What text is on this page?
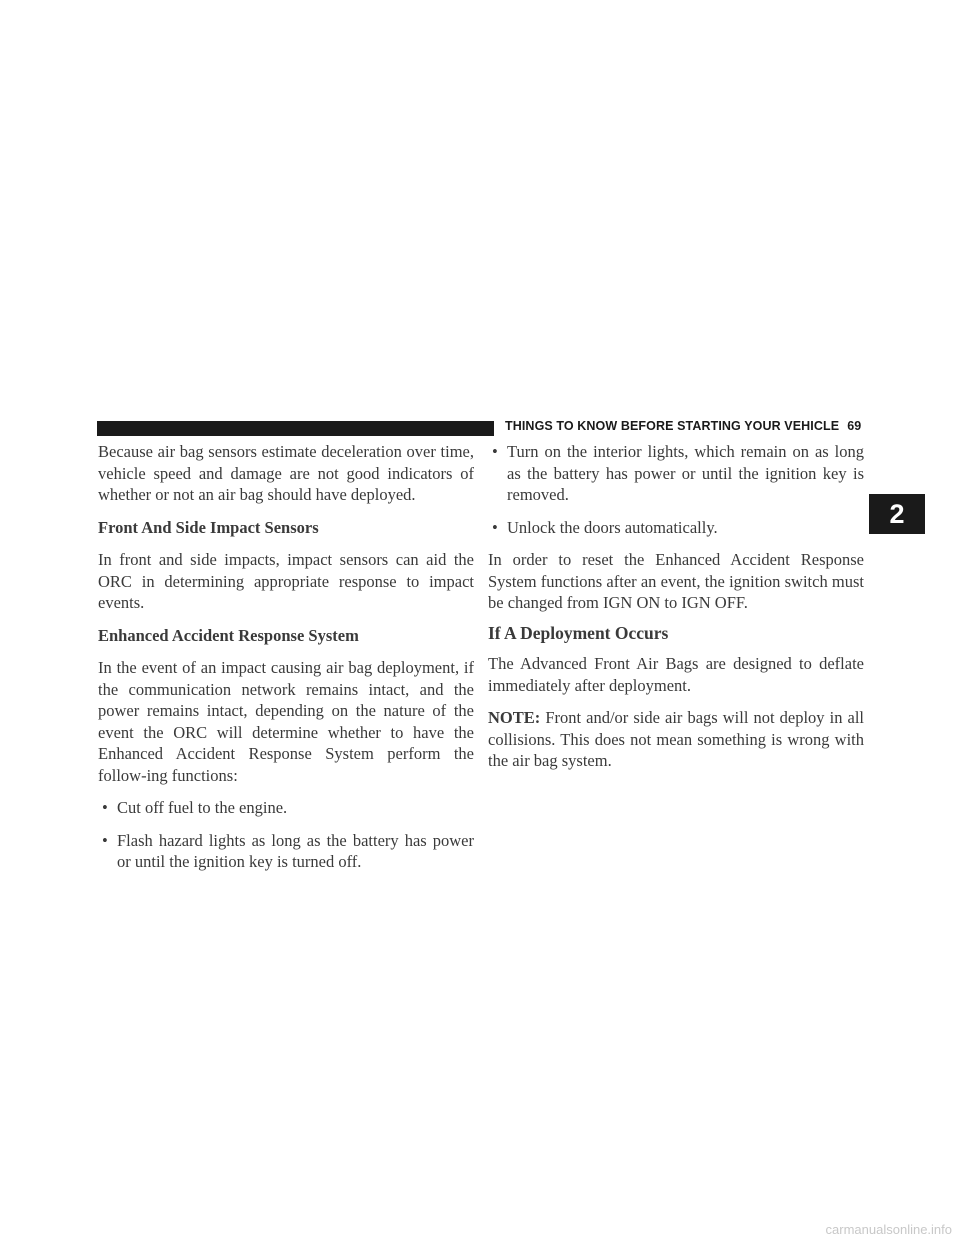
THINGS TO KNOW BEFORE STARTING YOUR VEHICLE 69
2

Because air bag sensors estimate deceleration over time, vehicle speed and damage are not good indicators of whether or not an air bag should have deployed.

Front And Side Impact Sensors

In front and side impacts, impact sensors can aid the ORC in determining appropriate response to impact events.

Enhanced Accident Response System

In the event of an impact causing air bag deployment, if the communication network remains intact, and the power remains intact, depending on the nature of the event the ORC will determine whether to have the Enhanced Accident Response System perform the follow-ing functions:

• Cut off fuel to the engine.
• Flash hazard lights as long as the battery has power or until the ignition key is turned off.
• Turn on the interior lights, which remain on as long as the battery has power or until the ignition key is removed.
• Unlock the doors automatically.

In order to reset the Enhanced Accident Response System functions after an event, the ignition switch must be changed from IGN ON to IGN OFF.

If A Deployment Occurs

The Advanced Front Air Bags are designed to deflate immediately after deployment.

NOTE: Front and/or side air bags will not deploy in all collisions. This does not mean something is wrong with the air bag system.

carmanualsonline.info
